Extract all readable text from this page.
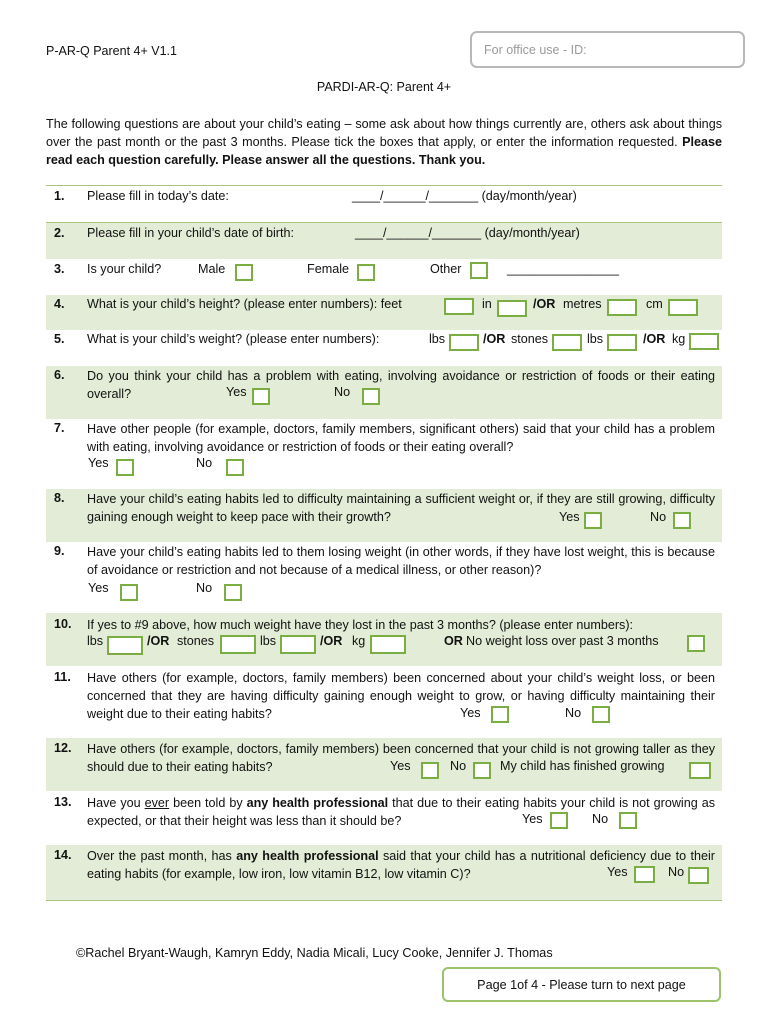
P-AR-Q Parent 4+ V1.1	For office use - ID:
PARDI-AR-Q: Parent 4+
The following questions are about your child’s eating – some ask about how things currently are, others ask about things over the past month or the past 3 months. Please tick the boxes that apply, or enter the information requested. Please read each question carefully. Please answer all the questions. Thank you.
1. Please fill in today’s date:	____/______/_______ (day/month/year)
2. Please fill in your child’s date of birth:	____/______/_______ (day/month/year)
3. Is your child?	Male	Female	Other	________________
4. What is your child’s height? (please enter numbers): feet	in	/OR metres	cm
5. What is your child’s weight? (please enter numbers):	lbs	/OR stones	lbs	/OR kg
6. Do you think your child has a problem with eating, involving avoidance or restriction of foods or their eating overall?	Yes	No
7. Have other people (for example, doctors, family members, significant others) said that your child has a problem with eating, involving avoidance or restriction of foods or their eating overall?
Yes	No
8. Have your child’s eating habits led to difficulty maintaining a sufficient weight or, if they are still growing, difficulty gaining enough weight to keep pace with their growth?	Yes	No
9. Have your child’s eating habits led to them losing weight (in other words, if they have lost weight, this is because of avoidance or restriction and not because of a medical illness, or other reason)?
Yes	No
10. If yes to #9 above, how much weight have they lost in the past 3 months? (please enter numbers):
lbs	/OR stones	lbs	/OR kg	OR No weight loss over past 3 months
11. Have others (for example, doctors, family members) been concerned about your child’s weight loss, or been concerned that they are having difficulty gaining enough weight to grow, or having difficulty maintaining their weight due to their eating habits?	Yes	No
12. Have others (for example, doctors, family members) been concerned that your child is not growing taller as they should due to their eating habits?	Yes	No	My child has finished growing
13. Have you ever been told by any health professional that due to their eating habits your child is not growing as expected, or that their height was less than it should be?	Yes	No
14. Over the past month, has any health professional said that your child has a nutritional deficiency due to their eating habits (for example, low iron, low vitamin B12, low vitamin C)?	Yes	No
©Rachel Bryant-Waugh, Kamryn Eddy, Nadia Micali, Lucy Cooke, Jennifer J. Thomas
Page 1of 4 - Please turn to next page
